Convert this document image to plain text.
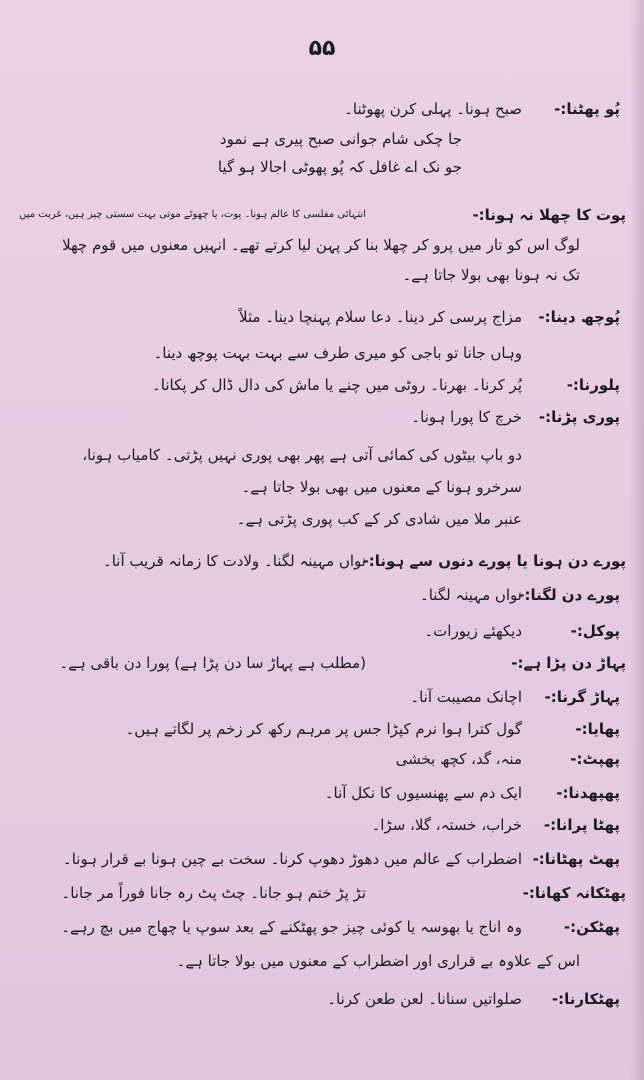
۵۵
پُو پھٹنا:-
صبح ہونا۔ پہلی کرن پھوٹنا۔
جا چکی شام جوانی صبح پیری ہے نمود
جو نک اے غافل کہ پُو پھوٹی اجالا ہو گیا
پوت کا چھلا نہ ہونا:-
انتہائی مفلسی کا عالم ہونا۔ پوت، یا چھوٹے موتی بہت سستی چیز ہیں، غربت میں
لوگ اس کو تار میں پرو کر چھلا بنا کر پہن لیا کرتے تھے۔ انہیں معنوں میں قوم چھلا
تک نہ ہونا بھی بولا جاتا ہے۔
پُوچھ دینا:-
مزاج پرسی کر دینا۔ دعا سلام پہنچا دینا۔ مثلاً
وہاں جانا تو باجی کو میری طرف سے بہت بہت پوچھ دینا۔
پلورنا:-
پُر کرنا۔ بھرنا۔ روٹی میں چنے یا ماش کی دال ڈال کر پکانا۔
پوری پڑنا:-
خرچ کا پورا ہونا۔
دو باپ بیٹوں کی کمائی آتی ہے پھر بھی پوری نہیں پڑتی۔ کامیاب ہونا،
سرخرو ہونا کے معنوں میں بھی بولا جاتا ہے۔
عنبر ملا میں شادی کر کے کب پوری پڑتی ہے۔
پورے دن ہونا یا پورے دنوں سے ہونا:-
نواں مہینہ لگنا۔ ولادت کا زمانہ قریب آنا۔
پورے دن لگنا:-
نواں مہینہ لگنا۔
پوکل:-
دیکھئے زیورات۔
پہاڑ دن پڑا ہے:-
(مطلب ہے پہاڑ سا دن پڑا ہے) پورا دن باقی ہے۔
پہاڑ گرنا:-
اچانک مصیبت آنا۔
پھایا:-
گول کترا ہوا نرم کپڑا جس پر مرہم رکھ کر زخم پر لگاتے ہیں۔
پھپٹ:-
منہ، گد، کچھ بخشی
پھپھدنا:-
ایک دم سے پھنسیوں کا نکل آنا۔
پھٹا پرانا:-
خراب، خستہ، گلا، سڑا۔
پھٹ پھٹانا:-
اضطراب کے عالم میں دھوڑ دھوپ کرنا۔ سخت بے چین ہونا بے قرار ہونا۔
پھٹکانہ کھانا:-
تڑ پڑ ختم ہو جانا۔ چٹ پٹ رہ جانا فوراً مر جانا۔
پھٹکن:-
وہ اناج یا بھوسہ یا کوئی چیز جو پھٹکنے کے بعد سوپ یا چھاج میں بچ رہے۔
اس کے علاوہ بے قراری اور اضطراب کے معنوں میں بولا جاتا ہے۔
پھٹکارنا:-
صلواتیں سنانا۔ لعن طعن کرنا۔
